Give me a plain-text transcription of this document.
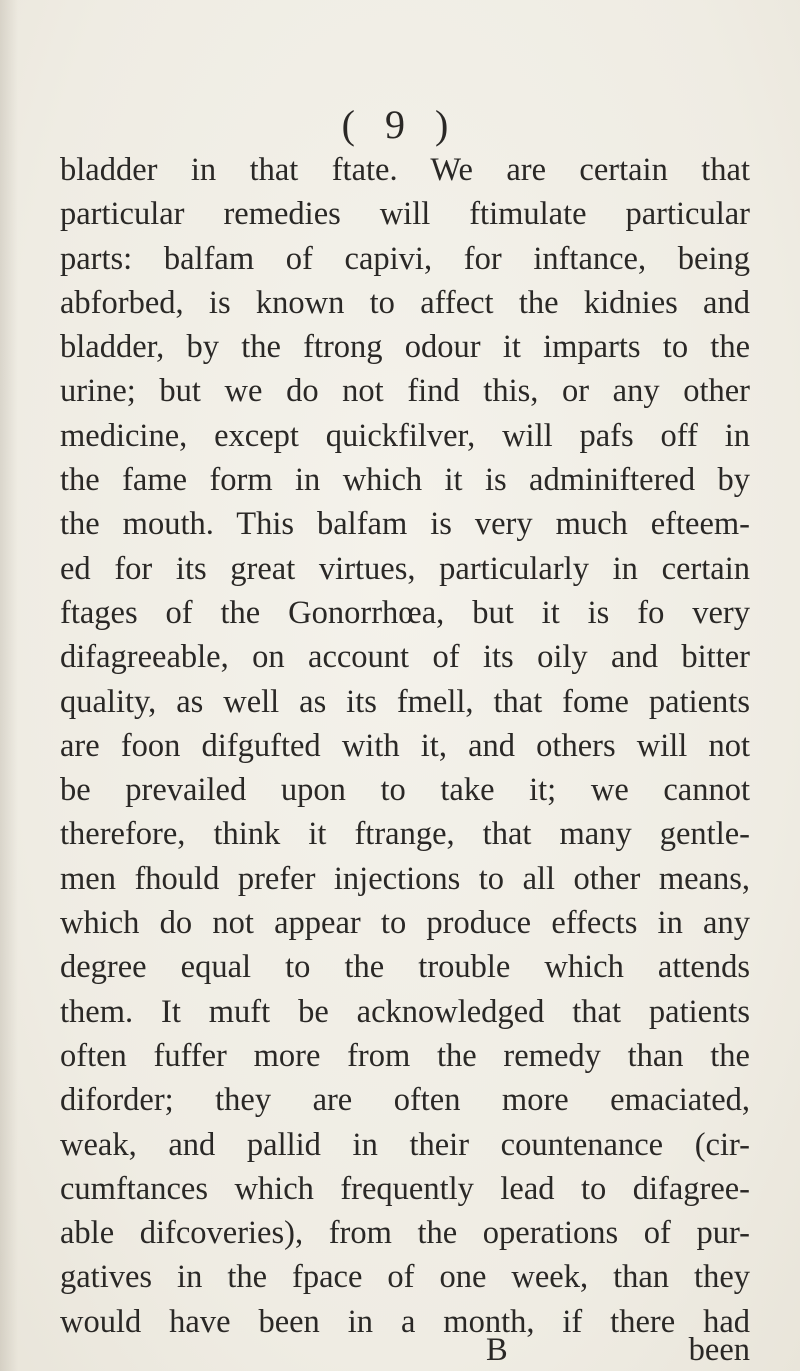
( 9 )
bladder in that ftate. We are certain that
particular remedies will ftimulate particular
parts: balfam of capivi, for inftance, being
abforbed, is known to affect the kidnies and
bladder, by the ftrong odour it imparts to the
urine; but we do not find this, or any other
medicine, except quickfilver, will pafs off in
the fame form in which it is adminiftered by
the mouth. This balfam is very much efteem-
ed for its great virtues, particularly in certain
ftages of the Gonorrhœa, but it is fo very
difagreeable, on account of its oily and bitter
quality, as well as its fmell, that fome patients
are foon difgufted with it, and others will not
be prevailed upon to take it; we cannot
therefore, think it ftrange, that many gentle-
men fhould prefer injections to all other means,
which do not appear to produce effects in any
degree equal to the trouble which attends
them. It muft be acknowledged that patients
often fuffer more from the remedy than the
diforder; they are often more emaciated,
weak, and pallid in their countenance (cir-
cumftances which frequently lead to difagree-
able difcoveries), from the operations of pur-
gatives in the fpace of one week, than they
would have been in a month, if there had
B	been
